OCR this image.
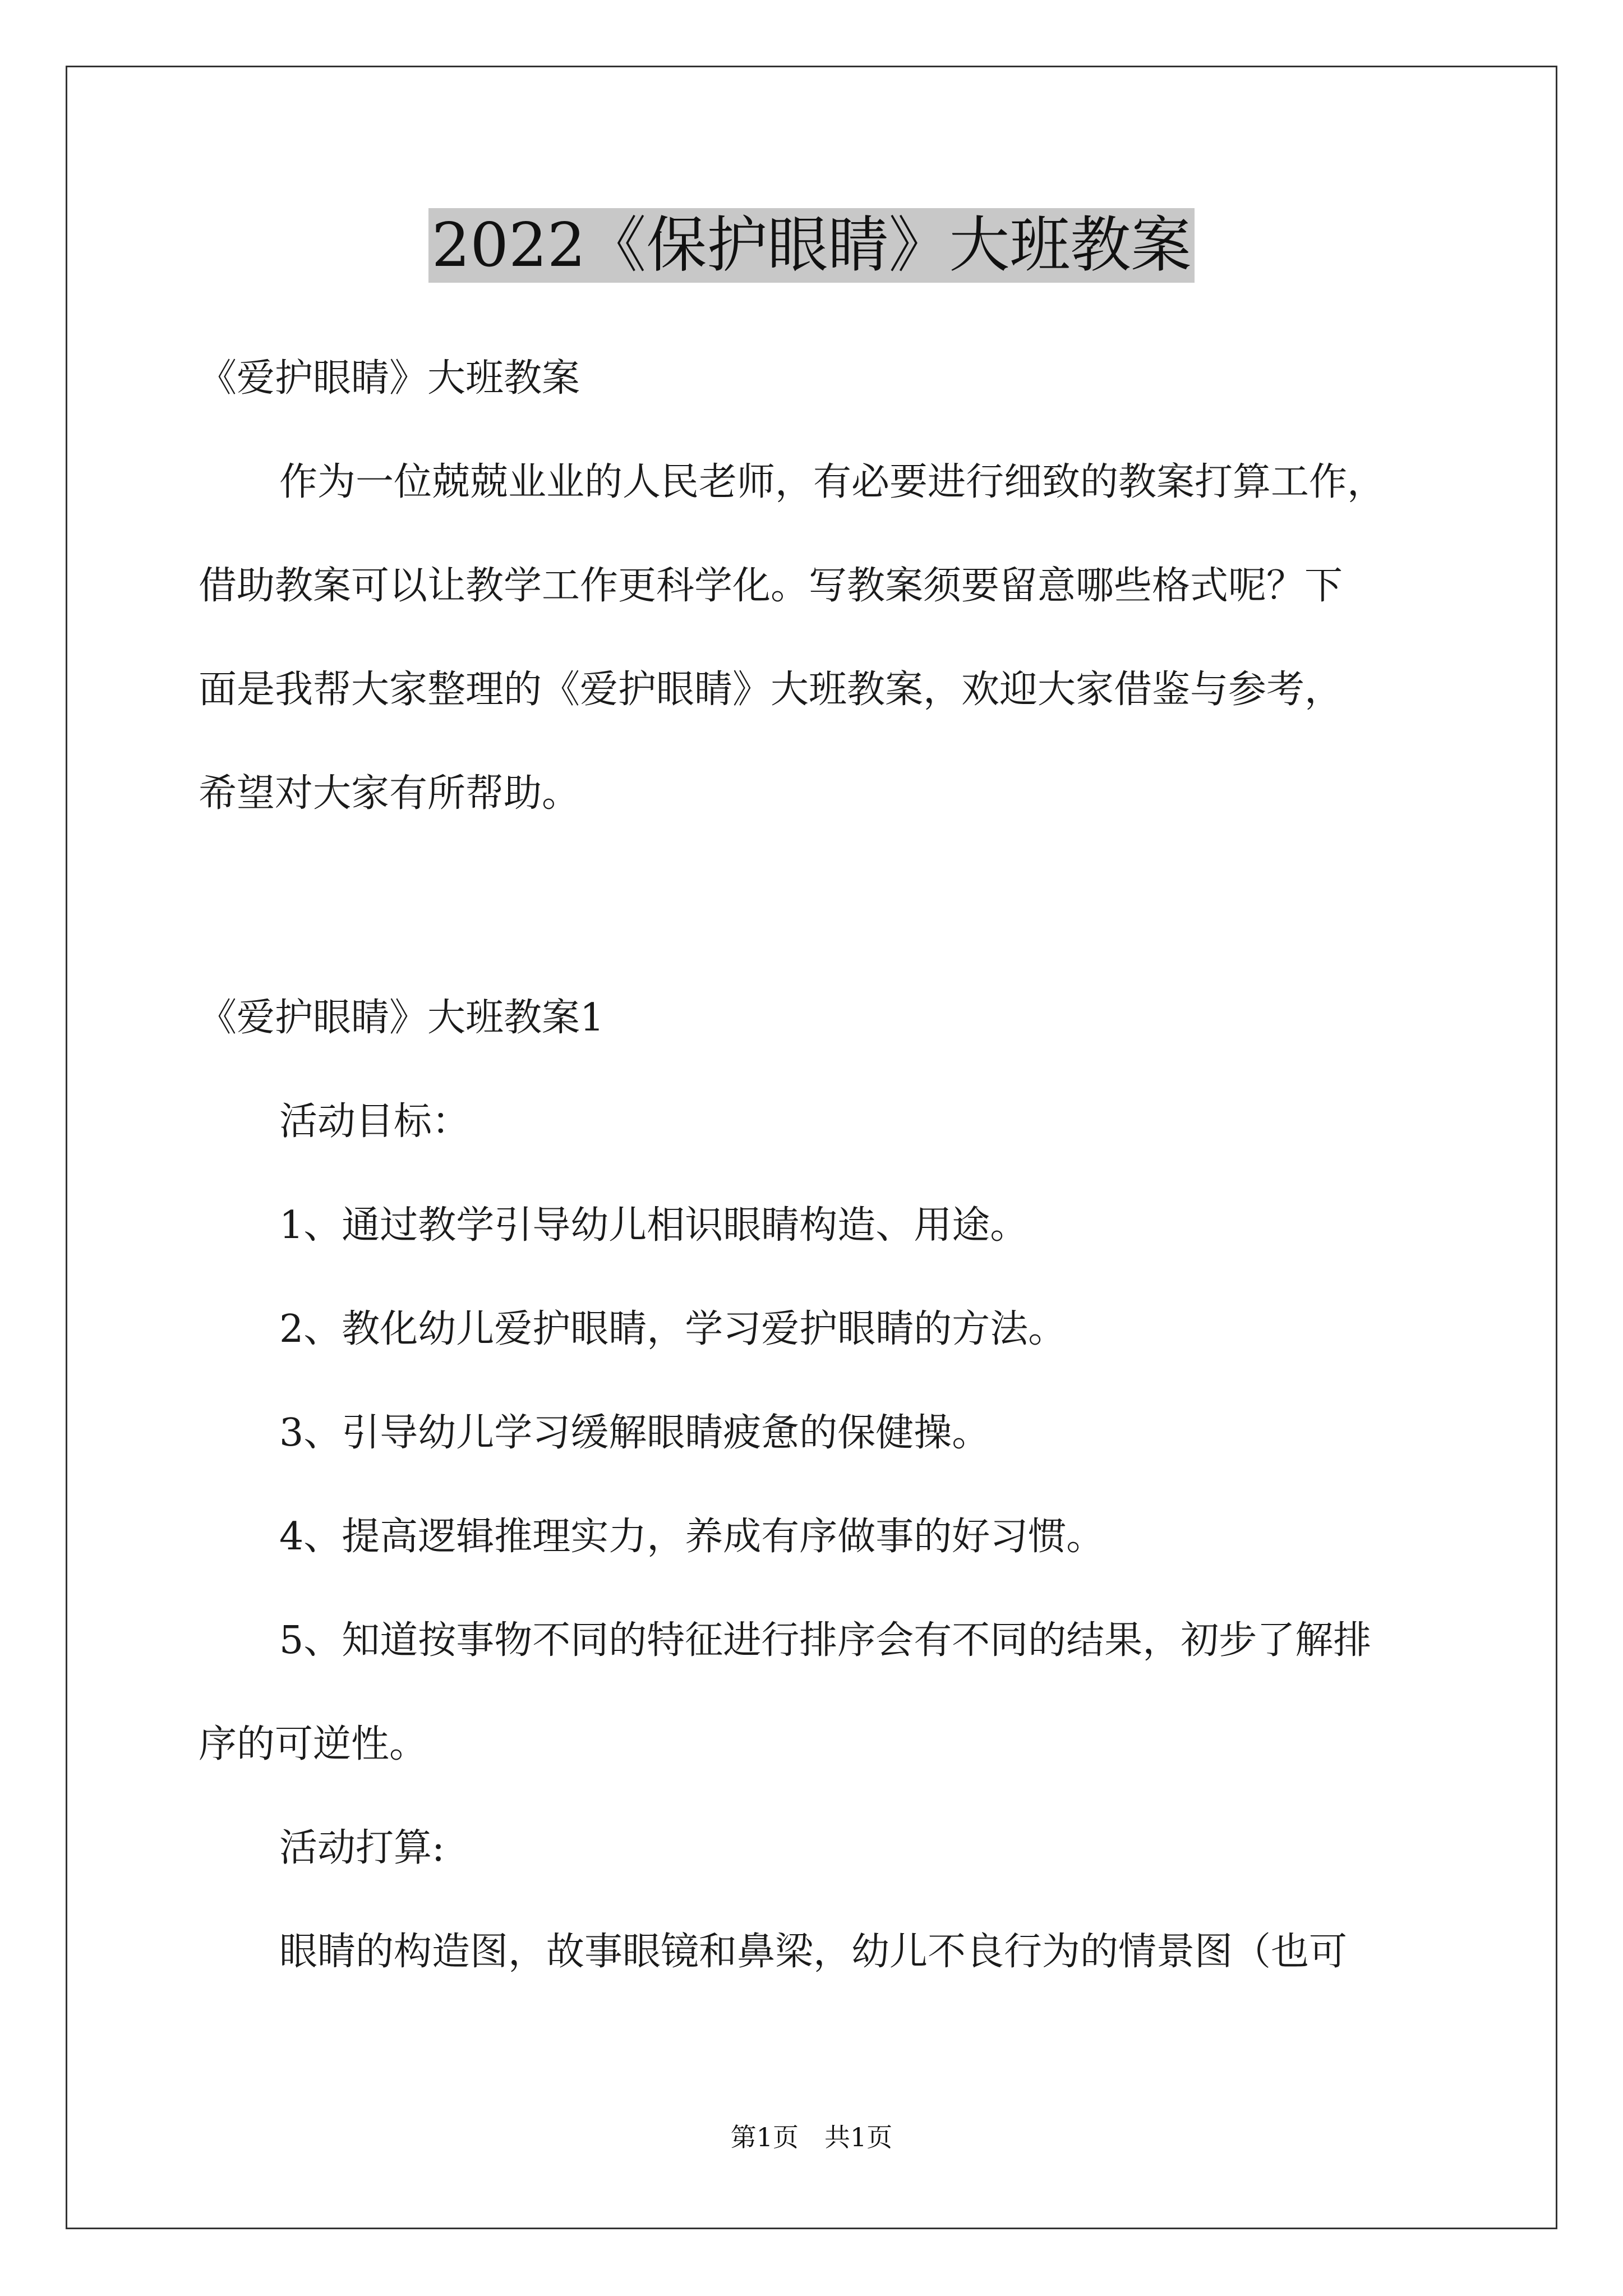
2022《保护眼睛》大班教案
《爱护眼睛》大班教案
作为一位兢兢业业的人民老师，有必要进行细致的教案打算工作，
借助教案可以让教学工作更科学化。写教案须要留意哪些格式呢？下
面是我帮大家整理的《爱护眼睛》大班教案，欢迎大家借鉴与参考，
希望对大家有所帮助。
《爱护眼睛》大班教案1
活动目标：
1、通过教学引导幼儿相识眼睛构造、用途。
2、教化幼儿爱护眼睛，学习爱护眼睛的方法。
3、引导幼儿学习缓解眼睛疲惫的保健操。
4、提高逻辑推理实力，养成有序做事的好习惯。
5、知道按事物不同的特征进行排序会有不同的结果，初步了解排
序的可逆性。
活动打算:
眼睛的构造图，故事眼镜和鼻梁，幼儿不良行为的情景图（也可
第1页　共1页
